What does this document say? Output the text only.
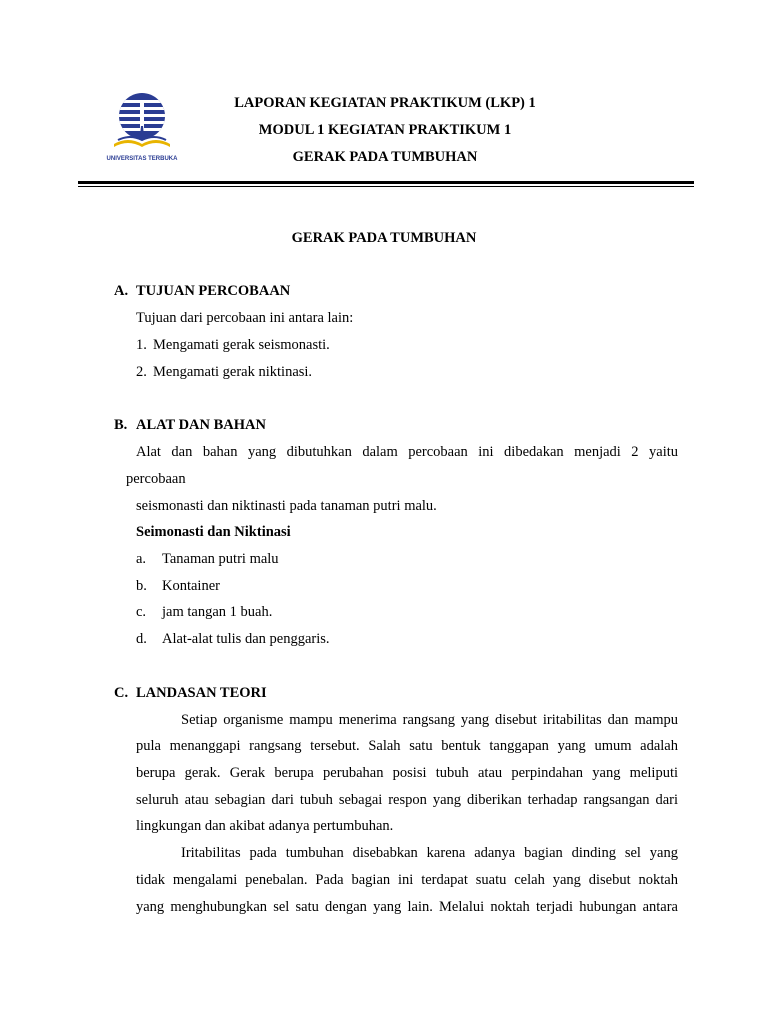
UNIVERSITAS TERBUKA
LAPORAN KEGIATAN PRAKTIKUM (LKP) 1
MODUL 1 KEGIATAN PRAKTIKUM 1
GERAK PADA TUMBUHAN
GERAK PADA TUMBUHAN
A. TUJUAN PERCOBAAN
Tujuan dari percobaan ini antara lain:
1. Mengamati gerak seismonasti.
2. Mengamati gerak niktinasi.
B. ALAT DAN BAHAN
Alat dan bahan yang dibutuhkan dalam percobaan ini dibedakan menjadi 2 yaitu
percobaan
seismonasti dan niktinasti pada tanaman putri malu.
Seimonasti dan Niktinasi
a. Tanaman putri malu
b. Kontainer
c. jam tangan 1 buah.
d. Alat-alat tulis dan penggaris.
C. LANDASAN TEORI
Setiap organisme mampu menerima rangsang yang disebut iritabilitas dan mampu
pula menanggapi rangsang tersebut. Salah satu bentuk tanggapan yang umum adalah
berupa gerak. Gerak berupa perubahan posisi tubuh atau perpindahan yang meliputi
seluruh atau sebagian dari tubuh sebagai respon yang diberikan terhadap rangsangan dari
lingkungan dan akibat adanya pertumbuhan.
Iritabilitas pada tumbuhan disebabkan karena adanya bagian dinding sel yang
tidak mengalami penebalan. Pada bagian ini terdapat suatu celah yang disebut noktah
yang menghubungkan sel satu dengan yang lain. Melalui noktah terjadi hubungan antara
